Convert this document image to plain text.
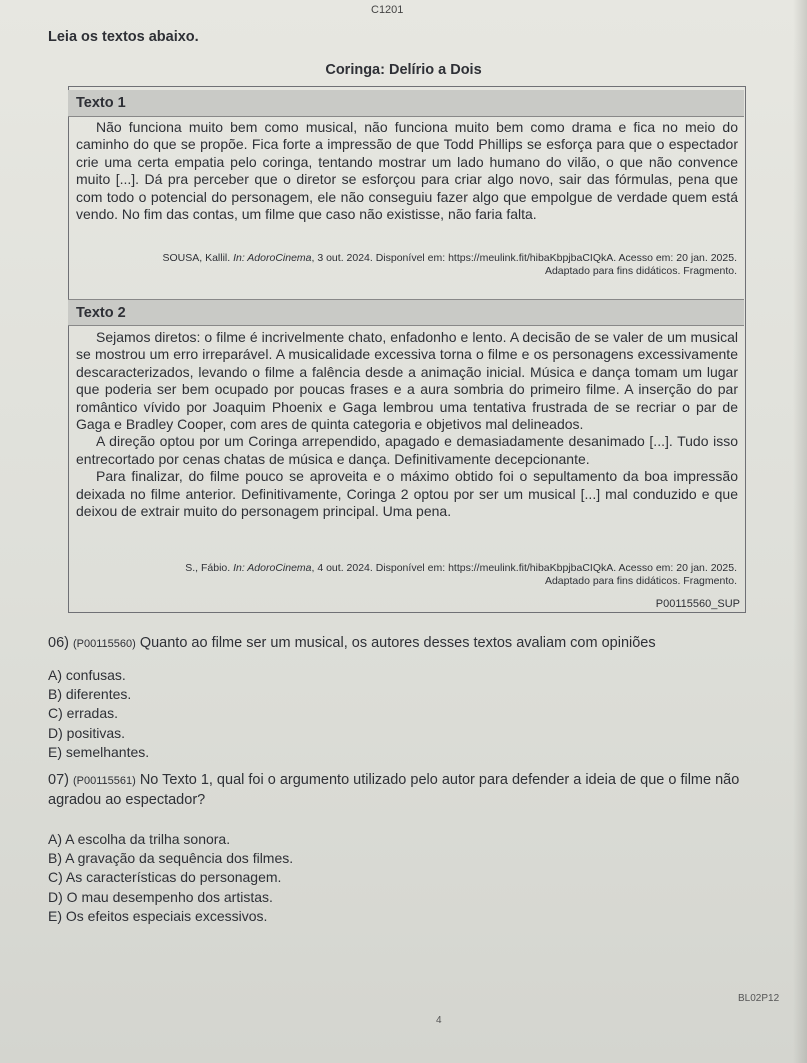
C1201
Leia os textos abaixo.
Coringa: Delírio a Dois
Texto 1

Não funciona muito bem como musical, não funciona muito bem como drama e fica no meio do caminho do que se propõe. Fica forte a impressão de que Todd Phillips se esforça para que o espectador crie uma certa empatia pelo coringa, tentando mostrar um lado humano do vilão, o que não convence muito [...]. Dá pra perceber que o diretor se esforçou para criar algo novo, sair das fórmulas, pena que com todo o potencial do personagem, ele não conseguiu fazer algo que empolgue de verdade quem está vendo. No fim das contas, um filme que caso não existisse, não faria falta.

SOUSA, Kallil. In: AdoroCinema, 3 out. 2024. Disponível em: https://meulink.fit/hibaKbpjbaCIQkA. Acesso em: 20 jan. 2025.
Adaptado para fins didáticos. Fragmento.
Texto 2

Sejamos diretos: o filme é incrivelmente chato, enfadonho e lento. A decisão de se valer de um musical se mostrou um erro irreparável. A musicalidade excessiva torna o filme e os personagens excessivamente descaracterizados, levando o filme a falência desde a animação inicial. Música e dança tomam um lugar que poderia ser bem ocupado por poucas frases e a aura sombria do primeiro filme. A inserção do par romântico vívido por Joaquim Phoenix e Gaga lembrou uma tentativa frustrada de se recriar o par de Gaga e Bradley Cooper, com ares de quinta categoria e objetivos mal delineados.

A direção optou por um Coringa arrependido, apagado e demasiadamente desanimado [...]. Tudo isso entrecortado por cenas chatas de música e dança. Definitivamente decepcionante.

Para finalizar, do filme pouco se aproveita e o máximo obtido foi o sepultamento da boa impressão deixada no filme anterior. Definitivamente, Coringa 2 optou por ser um musical [...] mal conduzido e que deixou de extrair muito do personagem principal. Uma pena.

S., Fábio. In: AdoroCinema, 4 out. 2024. Disponível em: https://meulink.fit/hibaKbpjbaCIQkA. Acesso em: 20 jan. 2025.
Adaptado para fins didáticos. Fragmento.
P00115560_SUP
06) (P00115560) Quanto ao filme ser um musical, os autores desses textos avaliam com opiniões
A) confusas.
B) diferentes.
C) erradas.
D) positivas.
E) semelhantes.
07) (P00115561) No Texto 1, qual foi o argumento utilizado pelo autor para defender a ideia de que o filme não agradou ao espectador?
A) A escolha da trilha sonora.
B) A gravação da sequência dos filmes.
C) As características do personagem.
D) O mau desempenho dos artistas.
E) Os efeitos especiais excessivos.
BL02P12
4
